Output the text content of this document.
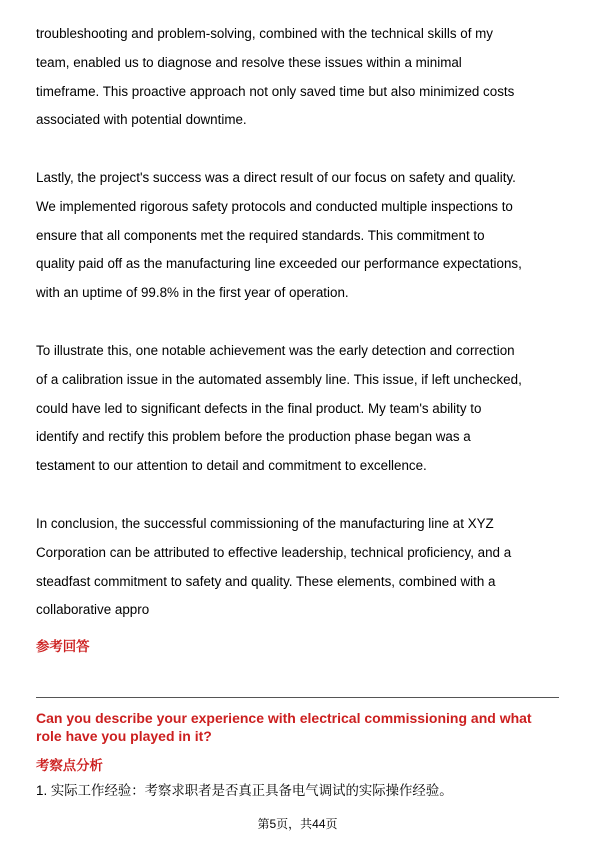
troubleshooting and problem-solving, combined with the technical skills of my
team, enabled us to diagnose and resolve these issues within a minimal
timeframe. This proactive approach not only saved time but also minimized costs
associated with potential downtime.
Lastly, the project's success was a direct result of our focus on safety and quality.
We implemented rigorous safety protocols and conducted multiple inspections to
ensure that all components met the required standards. This commitment to
quality paid off as the manufacturing line exceeded our performance expectations,
with an uptime of 99.8% in the first year of operation.
To illustrate this, one notable achievement was the early detection and correction
of a calibration issue in the automated assembly line. This issue, if left unchecked,
could have led to significant defects in the final product. My team's ability to
identify and rectify this problem before the production phase began was a
testament to our attention to detail and commitment to excellence.
In conclusion, the successful commissioning of the manufacturing line at XYZ
Corporation can be attributed to effective leadership, technical proficiency, and a
steadfast commitment to safety and quality. These elements, combined with a
collaborative appro

参考回答

Can you describe your experience with electrical commissioning and what
role have you played in it?

考察点分析

1. 实际工作经验：考察求职者是否真正具备电气调试的实际操作经验。

第5页，共44页
